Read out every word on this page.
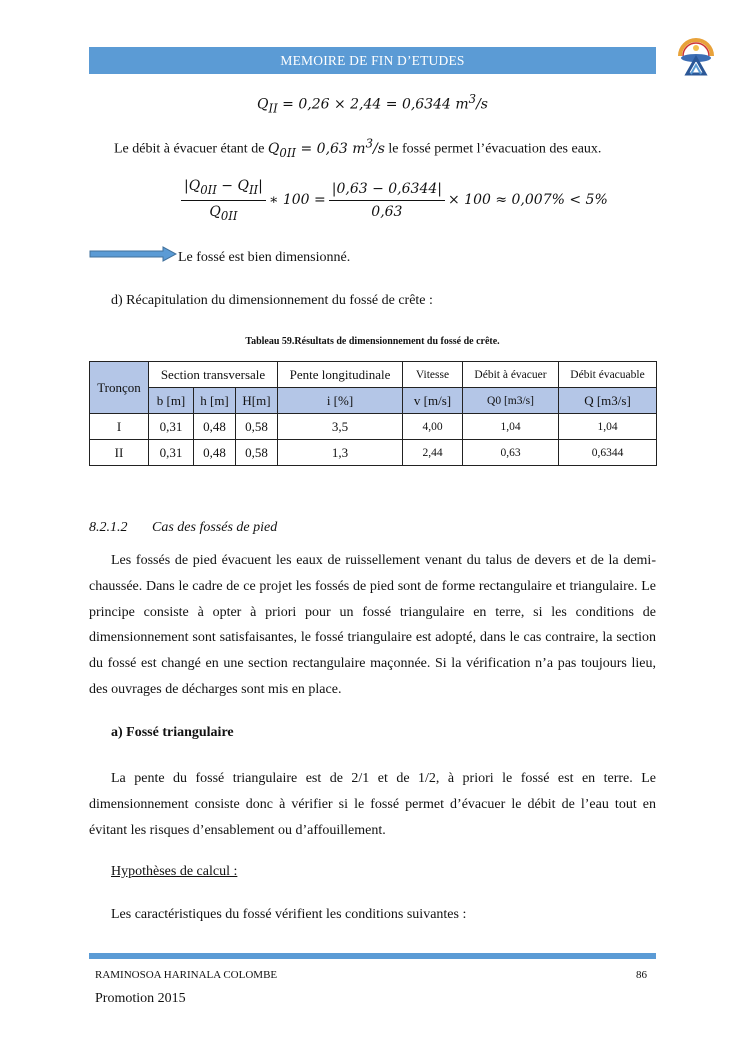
MEMOIRE DE FIN D’ETUDES
$Q_{II} = 0,26 \times 2,44 = 0,6344$ $m^3/s$
Le débit à évacuer étant de $Q_{0II} = 0,63$ $m^3/s$ le fossé permet l’évacuation des eaux.
$\frac{|Q_{0II} - Q_{II}|}{Q_{0II}}$ ∗ $100 = \frac{|0,63 - 0,6344|}{0,63} \times 100 \approx 0,007\% < 5\%$
Le fossé est bien dimensionné.
d) Récapitulation du dimensionnement du fossé de crête :
Tableau 59.Résultats de dimensionnement du fossé de crête.
Tronçon	Section transversale			Pente longitudinale	Vitesse	Débit à évacuer	Débit évacuable
	b [m]	h [m]	H[m]	i [%]	v [m/s]	Q0 [m3/s]	Q [m3/s]
I	0,31	0,48	0,58	3,5	4,00	1,04	1,04
II	0,31	0,48	0,58	1,3	2,44	0,63	0,6344
8.2.1.2 Cas des fossés de pied
Les fossés de pied évacuent les eaux de ruissellement venant du talus de devers et de la demi-chaussée. Dans le cadre de ce projet les fossés de pied sont de forme rectangulaire et triangulaire. Le principe consiste à opter à priori pour un fossé triangulaire en terre, si les conditions de dimensionnement sont satisfaisantes, le fossé triangulaire est adopté, dans le cas contraire, la section du fossé est changé en une section rectangulaire maçonnée. Si la vérification n’a pas toujours lieu, des ouvrages de décharges sont mis en place.
a) Fossé triangulaire
La pente du fossé triangulaire est de 2/1 et de 1/2, à priori le fossé est en terre. Le dimensionnement consiste donc à vérifier si le fossé permet d’évacuer le débit de l’eau tout en évitant les risques d’ensablement ou d’affouillement.
Hypothèses de calcul :
Les caractéristiques du fossé vérifient les conditions suivantes :
RAMINOSOA HARINALA COLOMBE	86
Promotion 2015
